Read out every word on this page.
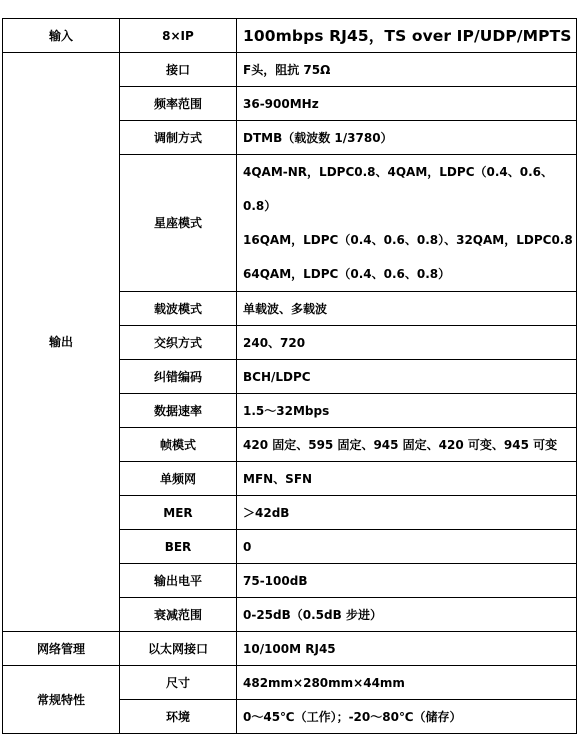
输入	8×IP	100mbps RJ45，TS over IP/UDP/MPTS
输出	接口	F头，阻抗 75Ω
	频率范围	36-900MHz
	调制方式	DTMB（载波数 1/3780）
	星座模式	4QAM-NR，LDPC0.8、4QAM，LDPC（0.4、0.6、
0.8）
16QAM，LDPC（0.4、0.6、0.8）、32QAM，LDPC0.8
64QAM，LDPC（0.4、0.6、0.8）

	载波模式	单载波、多载波
	交织方式	240、720
	纠错编码	BCH/LDPC
	数据速率	1.5～32Mbps
	帧模式	420 固定、595 固定、945 固定、420 可变、945 可变
	单频网	MFN、SFN
	MER	＞42dB
	BER	0
	输出电平	75-100dB
	衰减范围	0-25dB（0.5dB 步进）
网络管理	以太网接口	10/100M RJ45
常规特性	尺寸	482mm×280mm×44mm
	环境	0～45℃（工作）；-20～80℃（储存）
